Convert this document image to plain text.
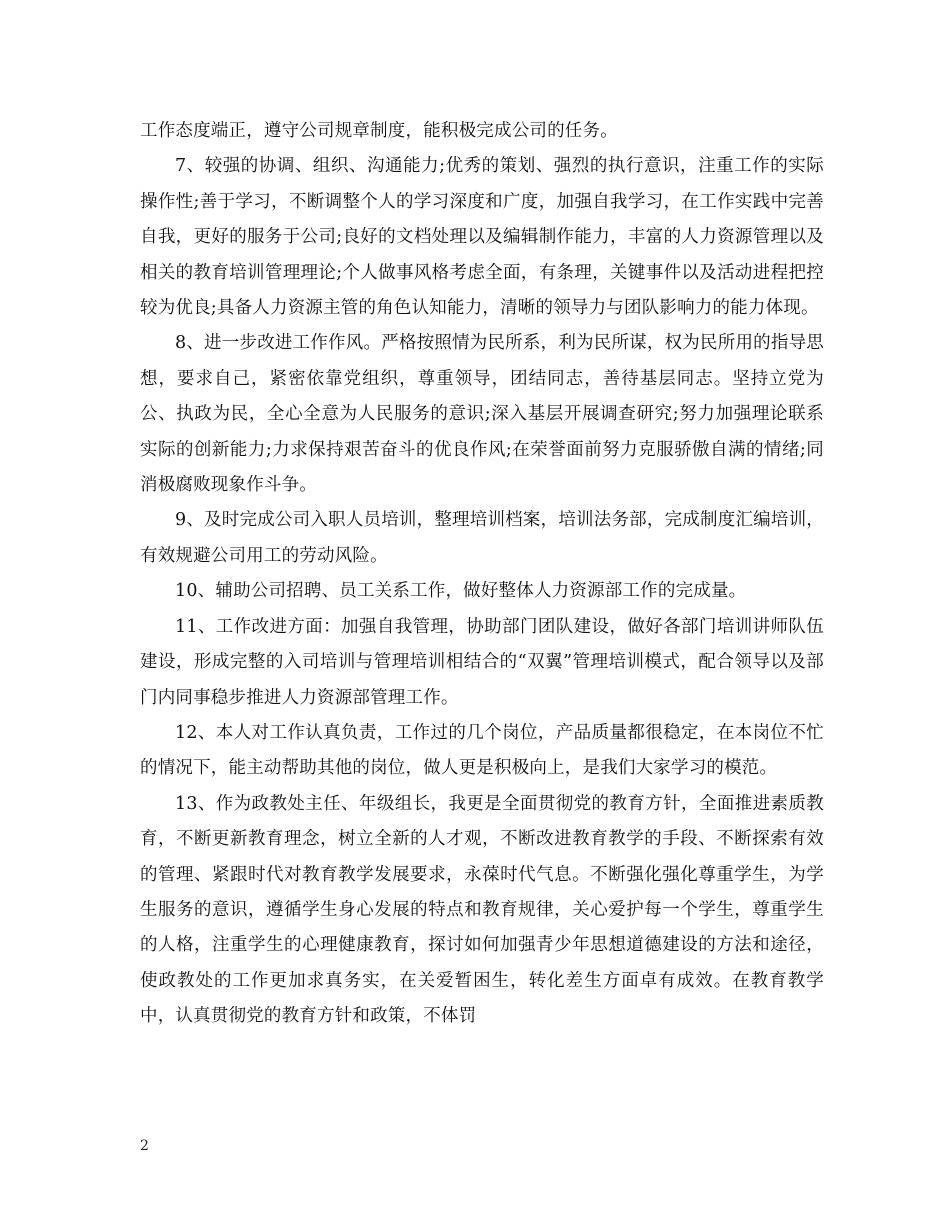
工作态度端正，遵守公司规章制度，能积极完成公司的任务。

7、较强的协调、组织、沟通能力;优秀的策划、强烈的执行意识，注重工作的实际操作性;善于学习，不断调整个人的学习深度和广度，加强自我学习，在工作实践中完善自我，更好的服务于公司;良好的文档处理以及编辑制作能力，丰富的人力资源管理以及相关的教育培训管理理论;个人做事风格考虑全面，有条理，关键事件以及活动进程把控较为优良;具备人力资源主管的角色认知能力，清晰的领导力与团队影响力的能力体现。

8、进一步改进工作作风。严格按照情为民所系，利为民所谋，权为民所用的指导思想，要求自己，紧密依靠党组织，尊重领导，团结同志，善待基层同志。坚持立党为公、执政为民，全心全意为人民服务的意识;深入基层开展调查研究;努力加强理论联系实际的创新能力;力求保持艰苦奋斗的优良作风;在荣誉面前努力克服骄傲自满的情绪;同消极腐败现象作斗争。

9、及时完成公司入职人员培训，整理培训档案，培训法务部，完成制度汇编培训，有效规避公司用工的劳动风险。

10、辅助公司招聘、员工关系工作，做好整体人力资源部工作的完成量。

11、工作改进方面：加强自我管理，协助部门团队建设，做好各部门培训讲师队伍建设，形成完整的入司培训与管理培训相结合的“双翼”管理培训模式，配合领导以及部门内同事稳步推进人力资源部管理工作。

12、本人对工作认真负责，工作过的几个岗位，产品质量都很稳定，在本岗位不忙的情况下，能主动帮助其他的岗位，做人更是积极向上，是我们大家学习的模范。

13、作为政教处主任、年级组长，我更是全面贯彻党的教育方针，全面推进素质教育，不断更新教育理念，树立全新的人才观，不断改进教育教学的手段、不断探索有效的管理、紧跟时代对教育教学发展要求，永葆时代气息。不断强化强化尊重学生，为学生服务的意识，遵循学生身心发展的特点和教育规律，关心爱护每一个学生，尊重学生的人格，注重学生的心理健康教育，探讨如何加强青少年思想道德建设的方法和途径，使政教处的工作更加求真务实，在关爱暂困生，转化差生方面卓有成效。在教育教学中，认真贯彻党的教育方针和政策，不体罚

2
